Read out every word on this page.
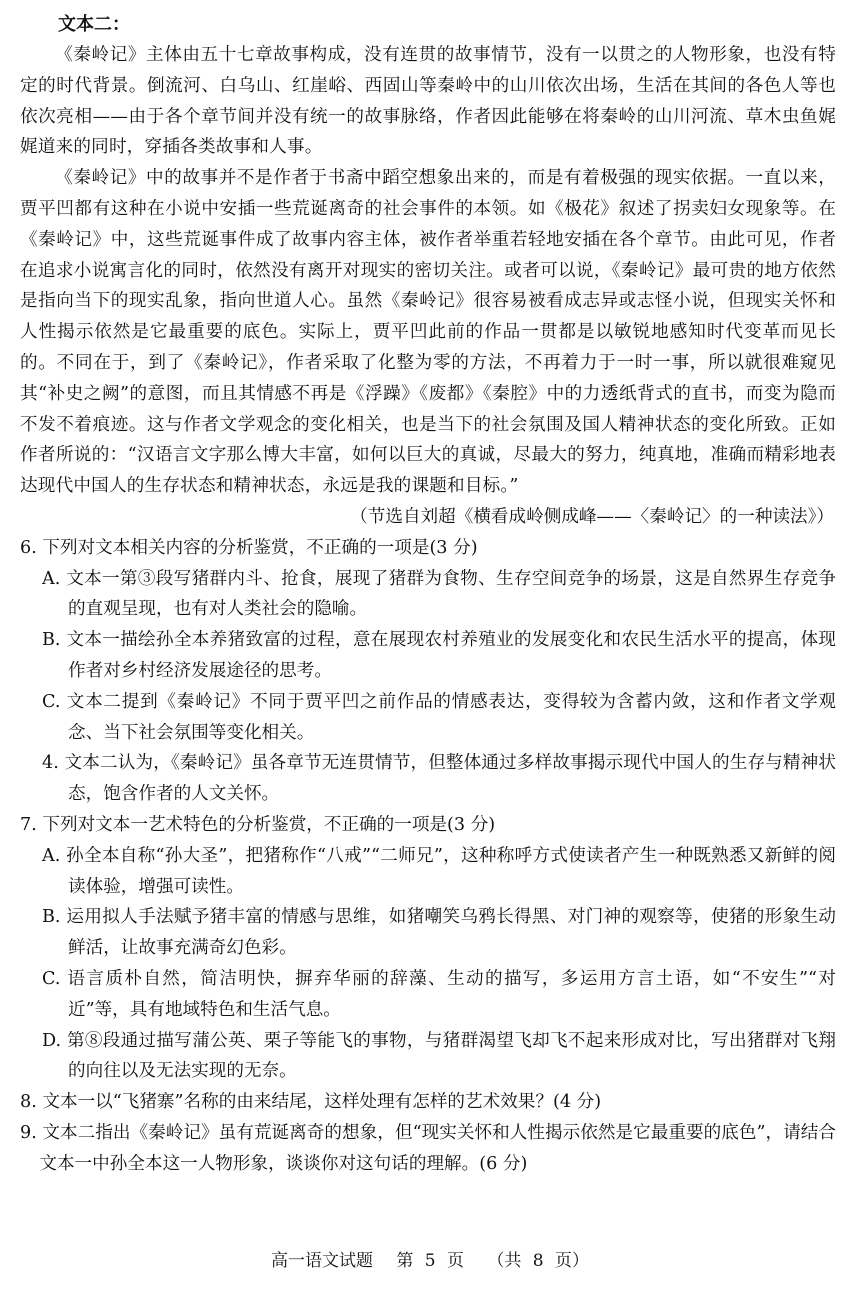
文本二：

《秦岭记》主体由五十七章故事构成，没有连贯的故事情节，没有一以贯之的人物形象，也没有特定的时代背景。倒流河、白乌山、红崖峪、西固山等秦岭中的山川依次出场，生活在其间的各色人等也依次亮相——由于各个章节间并没有统一的故事脉络，作者因此能够在将秦岭的山川河流、草木虫鱼娓娓道来的同时，穿插各类故事和人事。

《秦岭记》中的故事并不是作者于书斋中蹈空想象出来的，而是有着极强的现实依据。一直以来，贾平凹都有这种在小说中安插一些荒诞离奇的社会事件的本领。如《极花》叙述了拐卖妇女现象等。在《秦岭记》中，这些荒诞事件成了故事内容主体，被作者举重若轻地安插在各个章节。由此可见，作者在追求小说寓言化的同时，依然没有离开对现实的密切关注。或者可以说，《秦岭记》最可贵的地方依然是指向当下的现实乱象，指向世道人心。虽然《秦岭记》很容易被看成志异或志怪小说，但现实关怀和人性揭示依然是它最重要的底色。实际上，贾平凹此前的作品一贯都是以敏锐地感知时代变革而见长的。不同在于，到了《秦岭记》，作者采取了化整为零的方法，不再着力于一时一事，所以就很难窥见其“补史之阙”的意图，而且其情感不再是《浮躁》《废都》《秦腔》中的力透纸背式的直书，而变为隐而不发不着痕迹。这与作者文学观念的变化相关，也是当下的社会氛围及国人精神状态的变化所致。正如作者所说的：“汉语言文字那么博大丰富，如何以巨大的真诚，尽最大的努力，纯真地，准确而精彩地表达现代中国人的生存状态和精神状态，永远是我的课题和目标。”

（节选自刘超《横看成岭侧成峰——〈秦岭记〉的一种读法》）

6. 下列对文本相关内容的分析鉴赏，不正确的一项是(3 分)

A. 文本一第③段写猪群内斗、抢食，展现了猪群为食物、生存空间竞争的场景，这是自然界生存竞争的直观呈现，也有对人类社会的隐喻。

B. 文本一描绘孙全本养猪致富的过程，意在展现农村养殖业的发展变化和农民生活水平的提高，体现作者对乡村经济发展途径的思考。

C. 文本二提到《秦岭记》不同于贾平凹之前作品的情感表达，变得较为含蓄内敛，这和作者文学观念、当下社会氛围等变化相关。

4. 文本二认为，《秦岭记》虽各章节无连贯情节，但整体通过多样故事揭示现代中国人的生存与精神状态，饱含作者的人文关怀。

7. 下列对文本一艺术特色的分析鉴赏，不正确的一项是(3 分)

A. 孙全本自称“孙大圣”，把猪称作“八戒”“二师兄”，这种称呼方式使读者产生一种既熟悉又新鲜的阅读体验，增强可读性。

B. 运用拟人手法赋予猪丰富的情感与思维，如猪嘲笑乌鸦长得黑、对门神的观察等，使猪的形象生动鲜活，让故事充满奇幻色彩。

C. 语言质朴自然，简洁明快，摒弃华丽的辞藻、生动的描写，多运用方言土语，如“不安生”“对近”等，具有地域特色和生活气息。

D. 第⑧段通过描写蒲公英、栗子等能飞的事物，与猪群渴望飞却飞不起来形成对比，写出猪群对飞翔的向往以及无法实现的无奈。

8. 文本一以“飞猪寨”名称的由来结尾，这样处理有怎样的艺术效果？(4 分)

9. 文本二指出《秦岭记》虽有荒诞离奇的想象，但“现实关怀和人性揭示依然是它最重要的底色”，请结合文本一中孙全本这一人物形象，谈谈你对这句话的理解。(6 分)

高一语文试题 第 5 页 （共 8 页）
